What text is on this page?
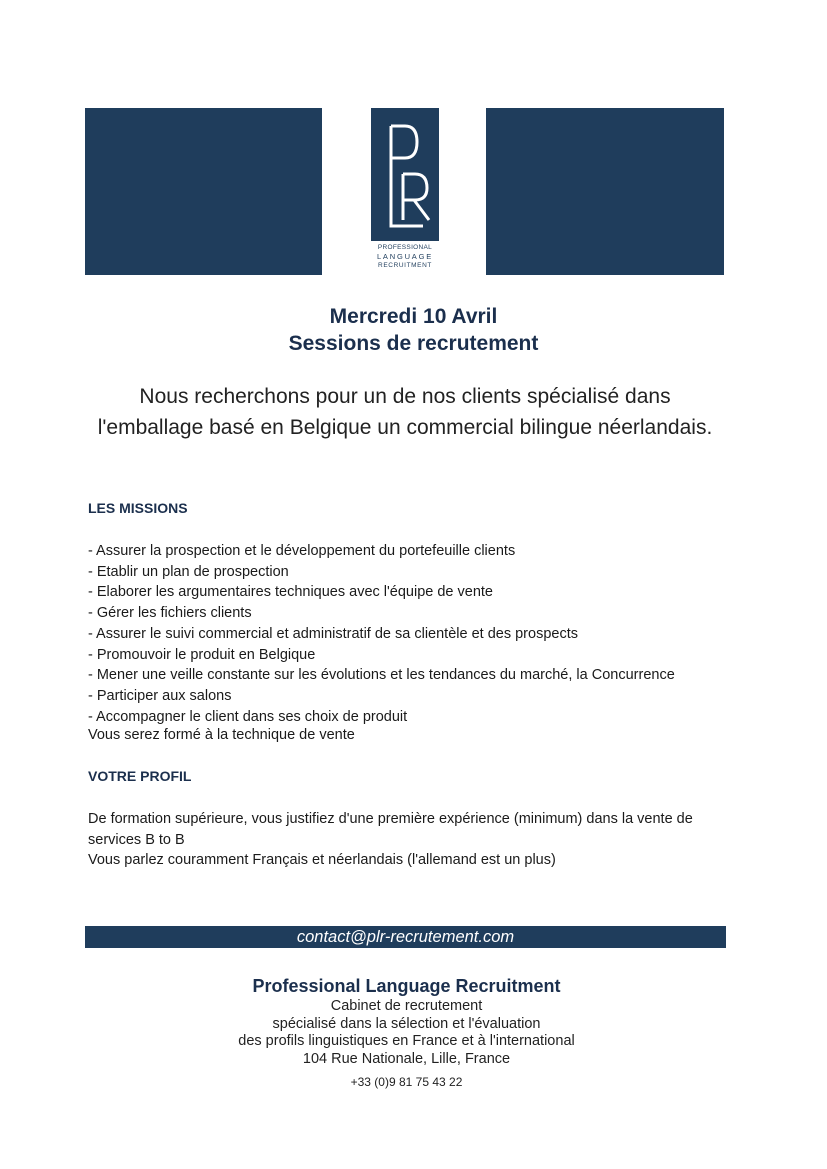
PROFESSIONAL
LANGUAGE
RECRUITMENT
Mercredi 10 Avril
Sessions de recrutement
Nous recherchons pour un de nos clients spécialisé dans l'emballage basé en Belgique un commercial bilingue néerlandais.
LES MISSIONS
- Assurer la prospection et le développement du portefeuille clients
- Etablir un plan de prospection
- Elaborer les argumentaires techniques avec l'équipe de vente
- Gérer les fichiers clients
- Assurer le suivi commercial et administratif de sa clientèle et des prospects
- Promouvoir le produit en Belgique
- Mener une veille constante sur les évolutions et les tendances du marché, la Concurrence
- Participer aux salons
- Accompagner le client dans ses choix de produit
Vous serez formé à la technique de vente
VOTRE PROFIL
De formation supérieure, vous justifiez d'une première expérience (minimum) dans la vente de services B to B
Vous parlez couramment Français et néerlandais (l'allemand est un plus)
contact@plr-recrutement.com
Professional Language Recruitment
Cabinet de recrutement
spécialisé dans la sélection et l'évaluation
des profils linguistiques en France et à l'international
104 Rue Nationale, Lille, France
+33 (0)9 81 75 43 22
